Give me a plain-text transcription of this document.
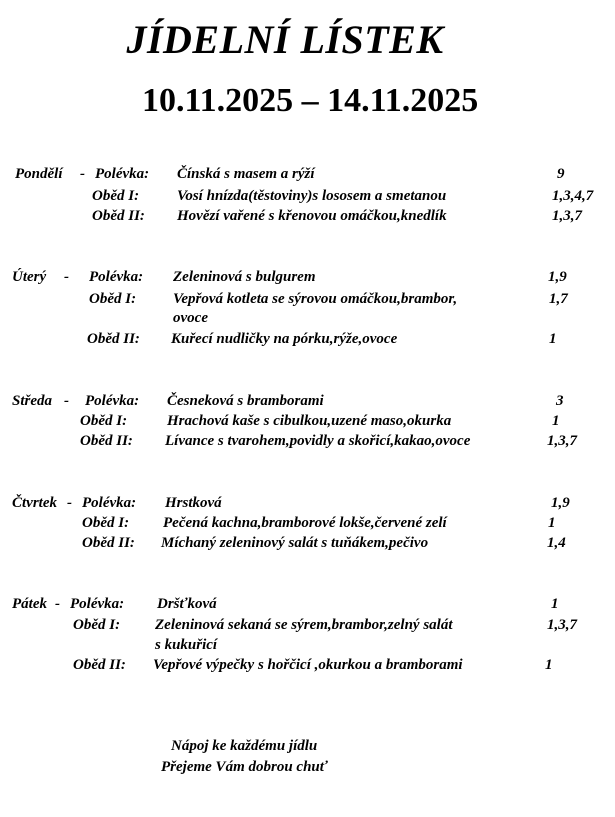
JÍDELNÍ LÍSTEK
10.11.2025 – 14.11.2025
Pondělí - Polévka: Čínská s masem a rýží	9
Oběd I:	Vosí hnízda(těstoviny)s lososem a smetanou	1,3,4,7
Oběd II: Hovězí vařené s křenovou omáčkou,knedlík	1,3,7
Úterý - Polévka: Zeleninová s bulgurem	1,9
Oběd I: Vepřová kotleta se sýrovou omáčkou,brambor,	1,7
ovoce
Oběd II: Kuřecí nudličky na pórku,rýže,ovoce	1
Středa - Polévka: Česneková s bramborami	3
Oběd I:	Hrachová kaše s cibulkou,uzené maso,okurka	1
Oběd II: Lívance s tvarohem,povidly a skořicí,kakao,ovoce	1,3,7
Čtvrtek - Polévka: Hrstková	1,9
Oběd I: Pečená kachna,bramborové lokše,červené zelí	1
Oběd II: Míchaný zeleninový salát s tuňákem,pečivo	1,4
Pátek - Polévka: Dršťková	1
Oběd I: Zeleninová sekaná se sýrem,brambor,zelný salát	1,3,7
s kukuřicí
Oběd II: Vepřové výpečky s hořčicí ,okurkou a bramborami	1
Nápoj ke každému jídlu
Přejeme Vám dobrou chuť
